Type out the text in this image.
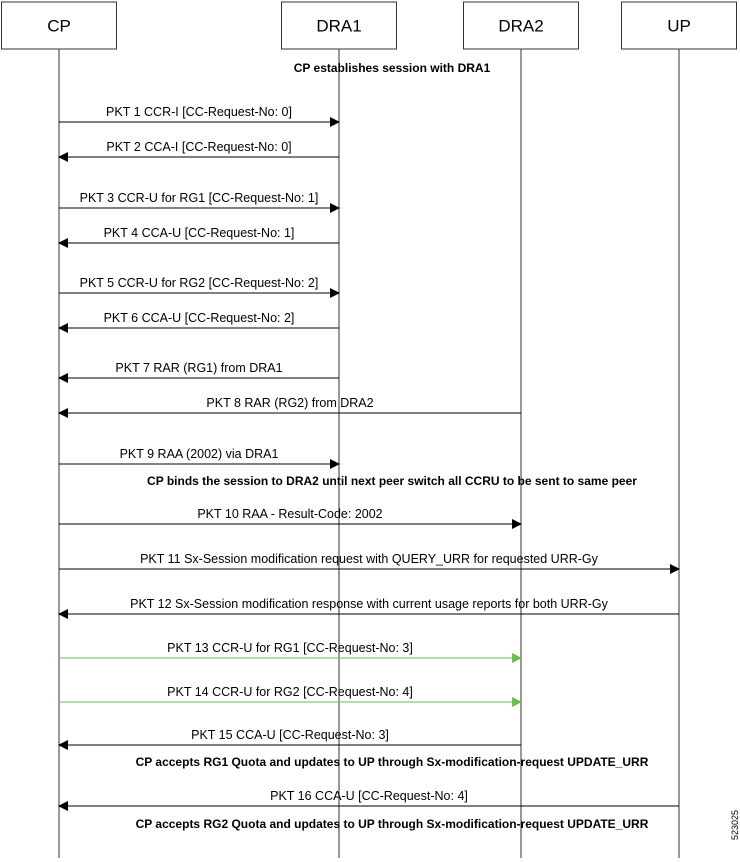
CP	DRA1	DRA2	UP
CP establishes session with DRA1
PKT 1 CCR-I [CC-Request-No: 0]
PKT 2 CCA-I [CC-Request-No: 0]
PKT 3 CCR-U for RG1 [CC-Request-No: 1]
PKT 4 CCA-U [CC-Request-No: 1]
PKT 5 CCR-U for RG2 [CC-Request-No: 2]
PKT 6 CCA-U [CC-Request-No: 2]
PKT 7 RAR (RG1) from DRA1
PKT 8 RAR (RG2) from DRA2
PKT 9 RAA (2002) via DRA1
CP binds the session to DRA2 until next peer switch all CCRU to be sent to same peer
PKT 10 RAA - Result-Code: 2002
PKT 11 Sx-Session modification request with QUERY_URR for requested URR-Gy
PKT 12 Sx-Session modification response with current usage reports for both URR-Gy
PKT 13 CCR-U for RG1 [CC-Request-No: 3]
PKT 14 CCR-U for RG2 [CC-Request-No: 4]
PKT 15 CCA-U [CC-Request-No: 3]
CP accepts RG1 Quota and updates to UP through Sx-modification-request UPDATE_URR
PKT 16 CCA-U [CC-Request-No: 4]
CP accepts RG2 Quota and updates to UP through Sx-modification-request UPDATE_URR	523025
